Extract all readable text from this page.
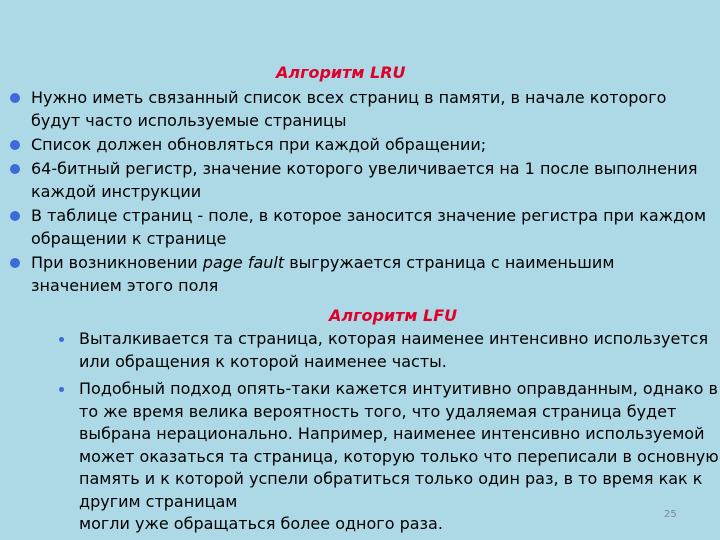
Алгоритм LRU
Нужно иметь связанный список всех страниц в памяти, в начале которого будут часто используемые страницы
Список должен обновляться при каждой обращении;
64-битный регистр, значение которого увеличивается на 1 после выполнения каждой инструкции
В таблице страниц - поле, в которое заносится значение регистра при каждом обращении к странице
При возникновении page fault выгружается страница с наименьшим значением этого поля
Алгоритм LFU
Выталкивается та страница, которая наименее интенсивно используется или обращения к которой наименее часты.
Подобный подход опять-таки кажется интуитивно оправданным, однако в то же время велика вероятность того, что удаляемая страница будет выбрана нерационально. Например, наименее интенсивно используемой может оказаться та страница, которую только что переписали в основную память и к которой успели обратиться только один раз, в то время как к другим страницам
могли уже обращаться более одного раза.	25
